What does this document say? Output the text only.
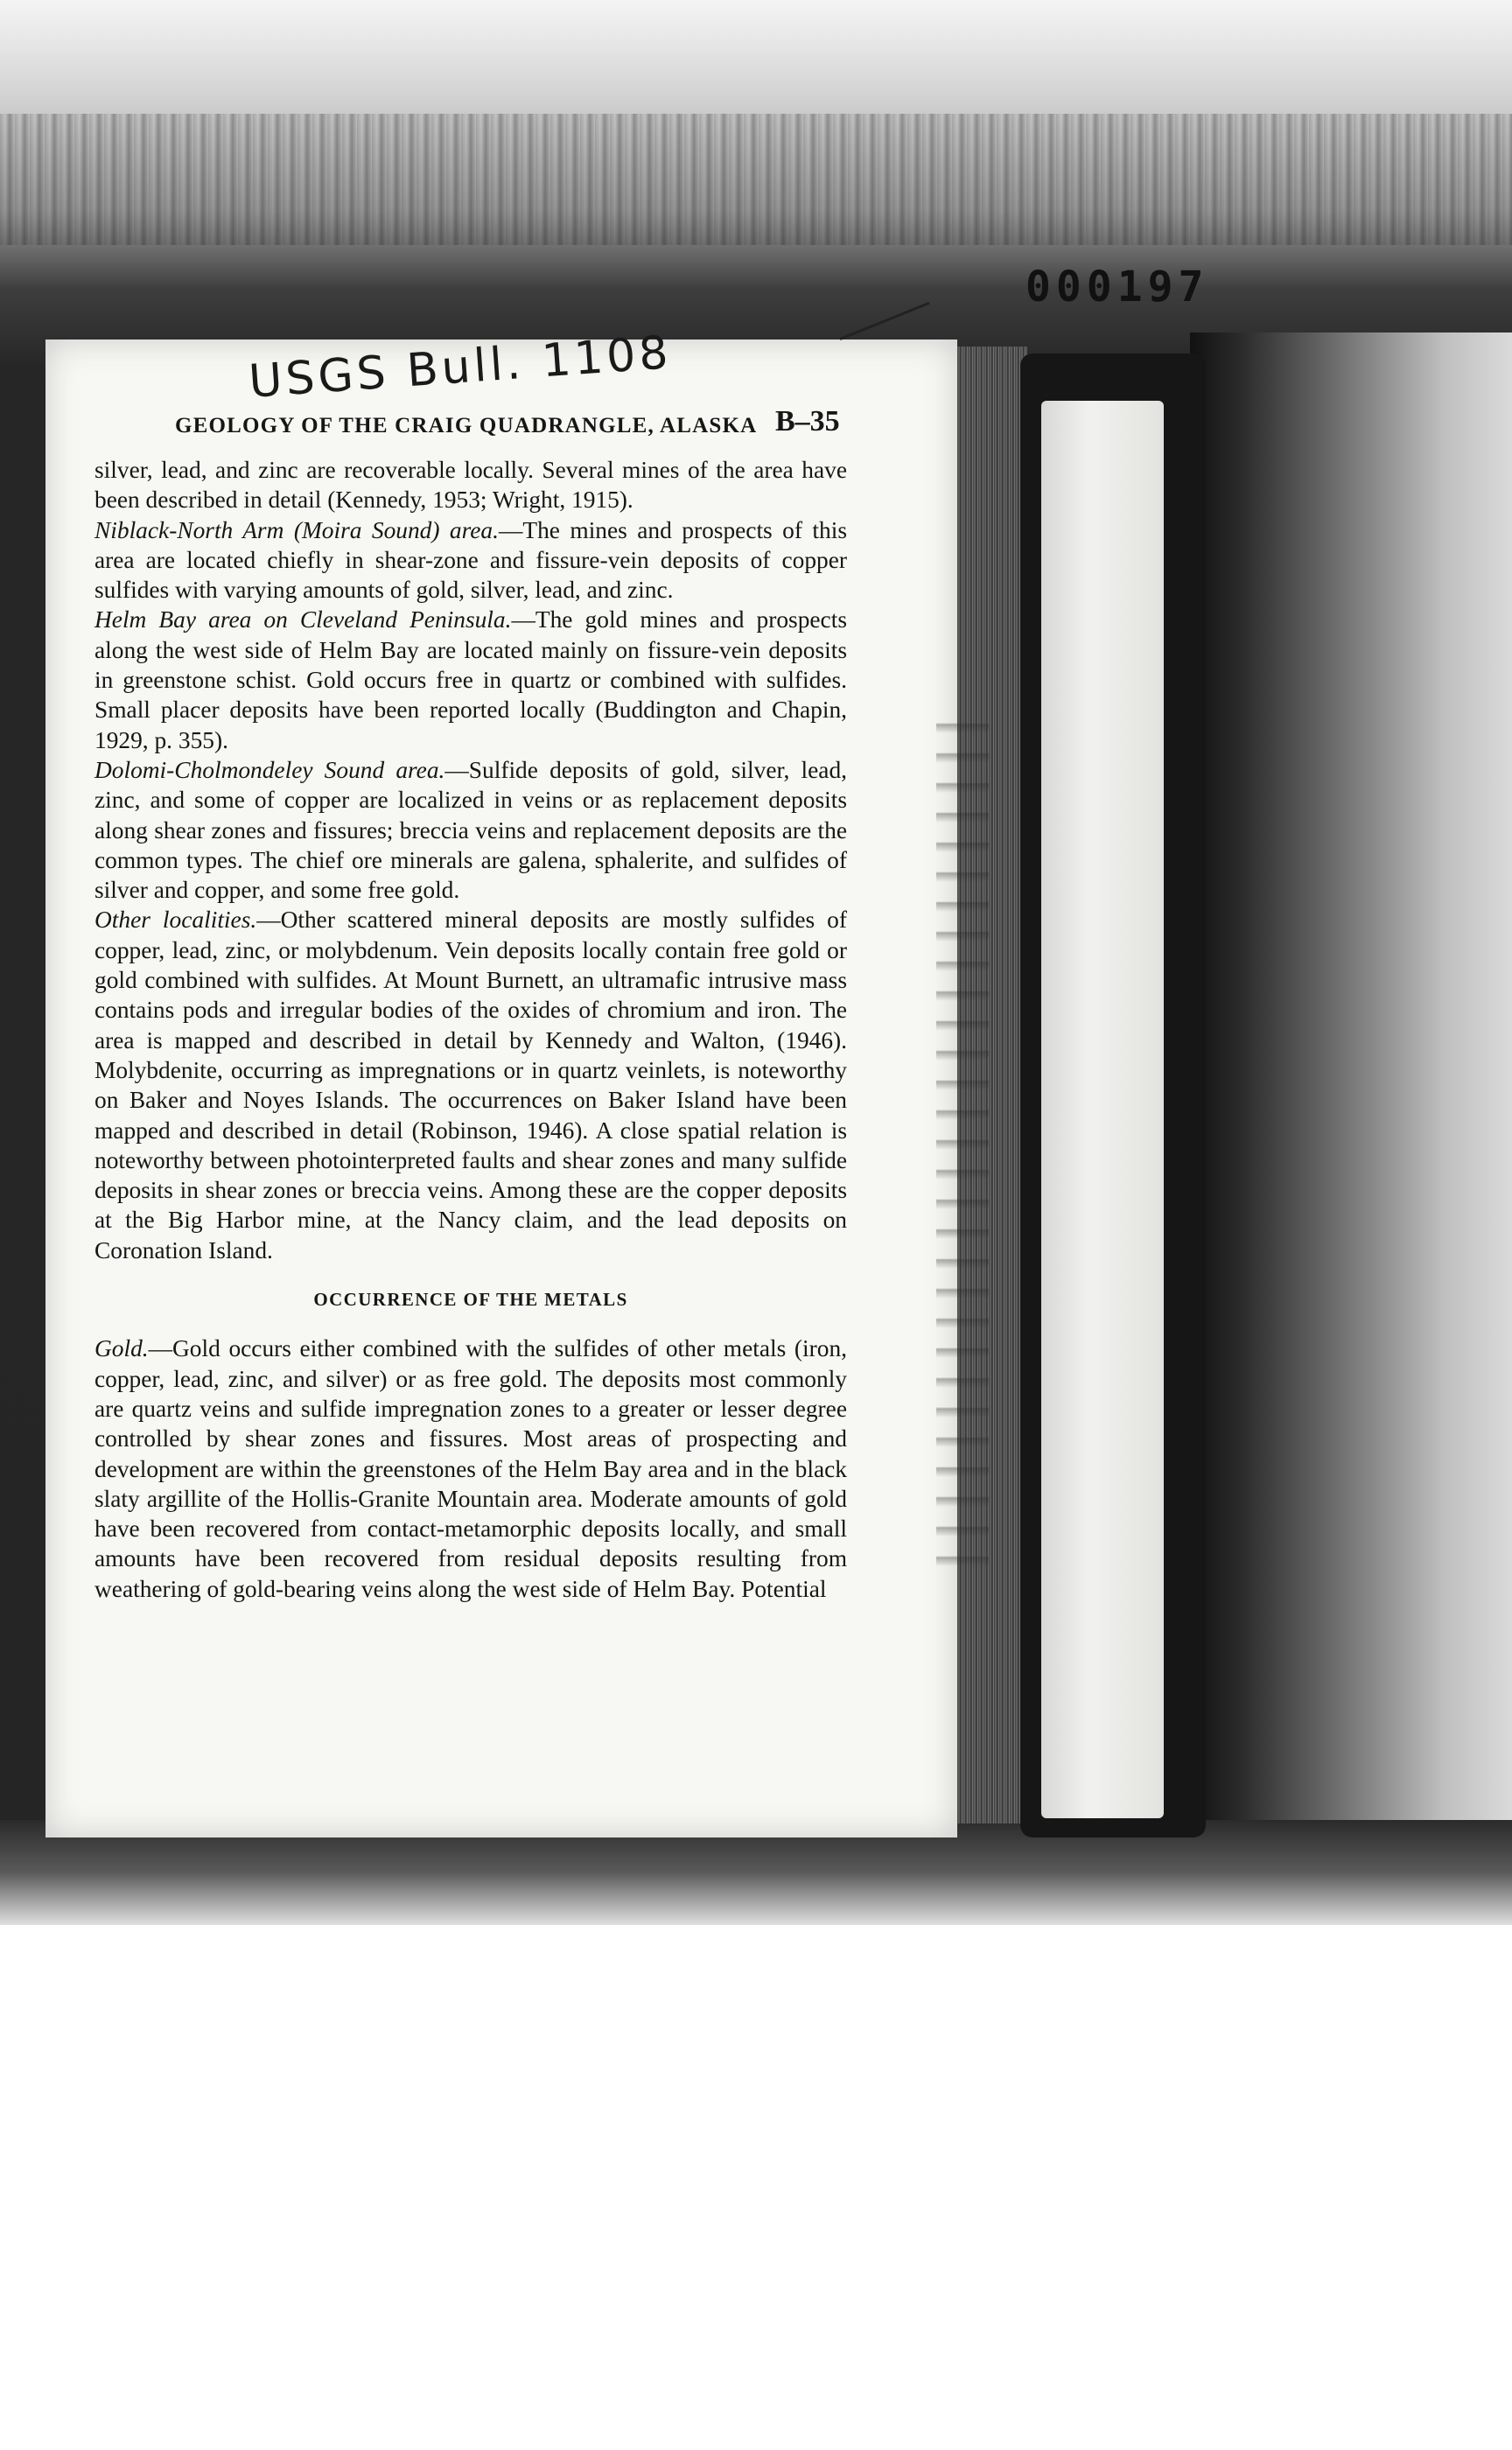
000197
USGS Bull. 1108
GEOLOGY OF THE CRAIG QUADRANGLE, ALASKA B–35

silver, lead, and zinc are recoverable locally. Several mines of the area have been described in detail (Kennedy, 1953; Wright, 1915).

Niblack-North Arm (Moira Sound) area.—The mines and prospects of this area are located chiefly in shear-zone and fissure-vein deposits of copper sulfides with varying amounts of gold, silver, lead, and zinc.

Helm Bay area on Cleveland Peninsula.—The gold mines and prospects along the west side of Helm Bay are located mainly on fissure-vein deposits in greenstone schist. Gold occurs free in quartz or combined with sulfides. Small placer deposits have been reported locally (Buddington and Chapin, 1929, p. 355).

Dolomi-Cholmondeley Sound area.—Sulfide deposits of gold, silver, lead, zinc, and some of copper are localized in veins or as replacement deposits along shear zones and fissures; breccia veins and replacement deposits are the common types. The chief ore minerals are galena, sphalerite, and sulfides of silver and copper, and some free gold.

Other localities.—Other scattered mineral deposits are mostly sulfides of copper, lead, zinc, or molybdenum. Vein deposits locally contain free gold or gold combined with sulfides. At Mount Burnett, an ultramafic intrusive mass contains pods and irregular bodies of the oxides of chromium and iron. The area is mapped and described in detail by Kennedy and Walton, (1946). Molybdenite, occurring as impregnations or in quartz veinlets, is noteworthy on Baker and Noyes Islands. The occurrences on Baker Island have been mapped and described in detail (Robinson, 1946). A close spatial relation is noteworthy between photointerpreted faults and shear zones and many sulfide deposits in shear zones or breccia veins. Among these are the copper deposits at the Big Harbor mine, at the Nancy claim, and the lead deposits on Coronation Island.

OCCURRENCE OF THE METALS

Gold.—Gold occurs either combined with the sulfides of other metals (iron, copper, lead, zinc, and silver) or as free gold. The deposits most commonly are quartz veins and sulfide impregnation zones to a greater or lesser degree controlled by shear zones and fissures. Most areas of prospecting and development are within the greenstones of the Helm Bay area and in the black slaty argillite of the Hollis-Granite Mountain area. Moderate amounts of gold have been recovered from contact-metamorphic deposits locally, and small amounts have been recovered from residual deposits resulting from weathering of gold-bearing veins along the west side of Helm Bay. Potential
